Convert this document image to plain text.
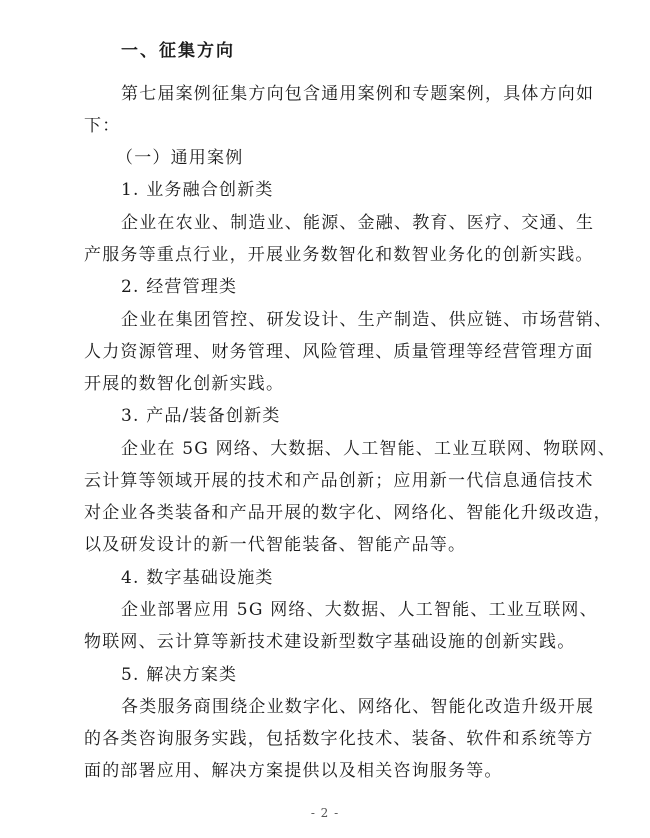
一、征集方向
第七届案例征集方向包含通用案例和专题案例，具体方向如
下：
（一）通用案例
1. 业务融合创新类
企业在农业、制造业、能源、金融、教育、医疗、交通、生
产服务等重点行业，开展业务数智化和数智业务化的创新实践。
2. 经营管理类
企业在集团管控、研发设计、生产制造、供应链、市场营销、
人力资源管理、财务管理、风险管理、质量管理等经营管理方面
开展的数智化创新实践。
3. 产品/装备创新类
企业在 5G 网络、大数据、人工智能、工业互联网、物联网、
云计算等领域开展的技术和产品创新；应用新一代信息通信技术
对企业各类装备和产品开展的数字化、网络化、智能化升级改造，
以及研发设计的新一代智能装备、智能产品等。
4. 数字基础设施类
企业部署应用 5G 网络、大数据、人工智能、工业互联网、
物联网、云计算等新技术建设新型数字基础设施的创新实践。
5. 解决方案类
各类服务商围绕企业数字化、网络化、智能化改造升级开展
的各类咨询服务实践，包括数字化技术、装备、软件和系统等方
面的部署应用、解决方案提供以及相关咨询服务等。
- 2 -
